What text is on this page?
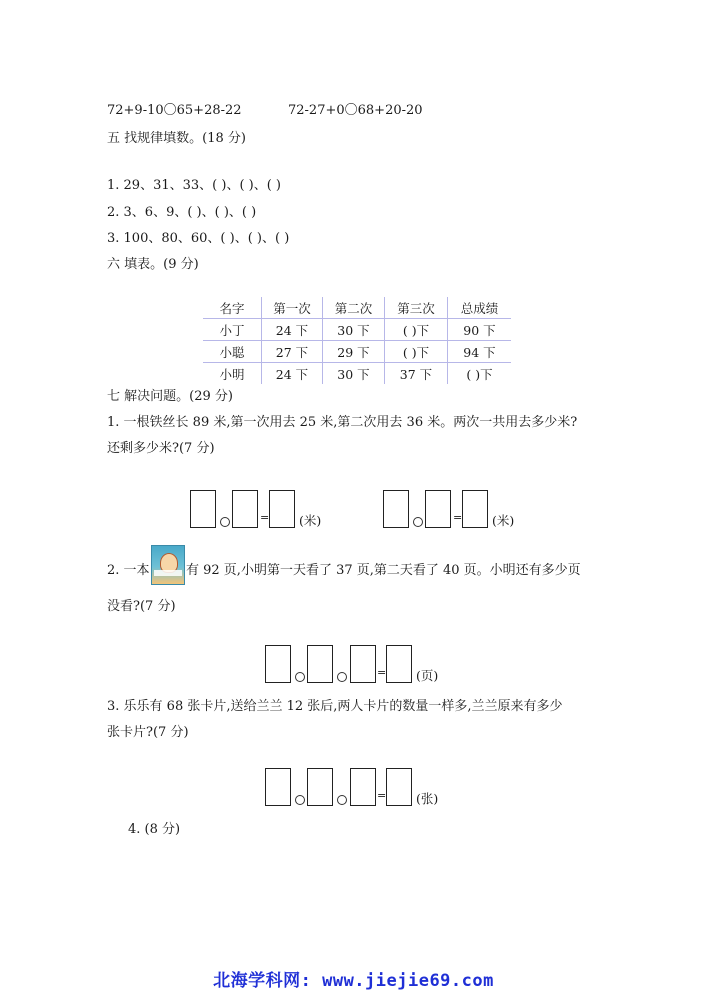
72+9-10〇65+28-22	72-27+0〇68+20-20
五 找规律填数。(18 分)
1. 29、31、33、( )、( )、( )
2. 3、6、9、( )、( )、( )
3. 100、80、60、( )、( )、( )
六 填表。(9 分)
名字	第一次	第二次	第三次	总成绩
小丁	24 下	30 下	( )下	90 下
小聪	27 下	29 下	( )下	94 下
小明	24 下	30 下	37 下	( )下
七 解决问题。(29 分)
1. 一根铁丝长 89 米,第一次用去 25 米,第二次用去 36 米。两次一共用去多少米?
还剩多少米?(7 分)
= (米)	= (米)
2. 一本	有 92 页,小明第一天看了 37 页,第二天看了 40 页。小明还有多少页
没看?(7 分)
= (页)
3. 乐乐有 68 张卡片,送给兰兰 12 张后,两人卡片的数量一样多,兰兰原来有多少
张卡片?(7 分)
= (张)
4. (8 分)
北海学科网: www.jiejie69.com
